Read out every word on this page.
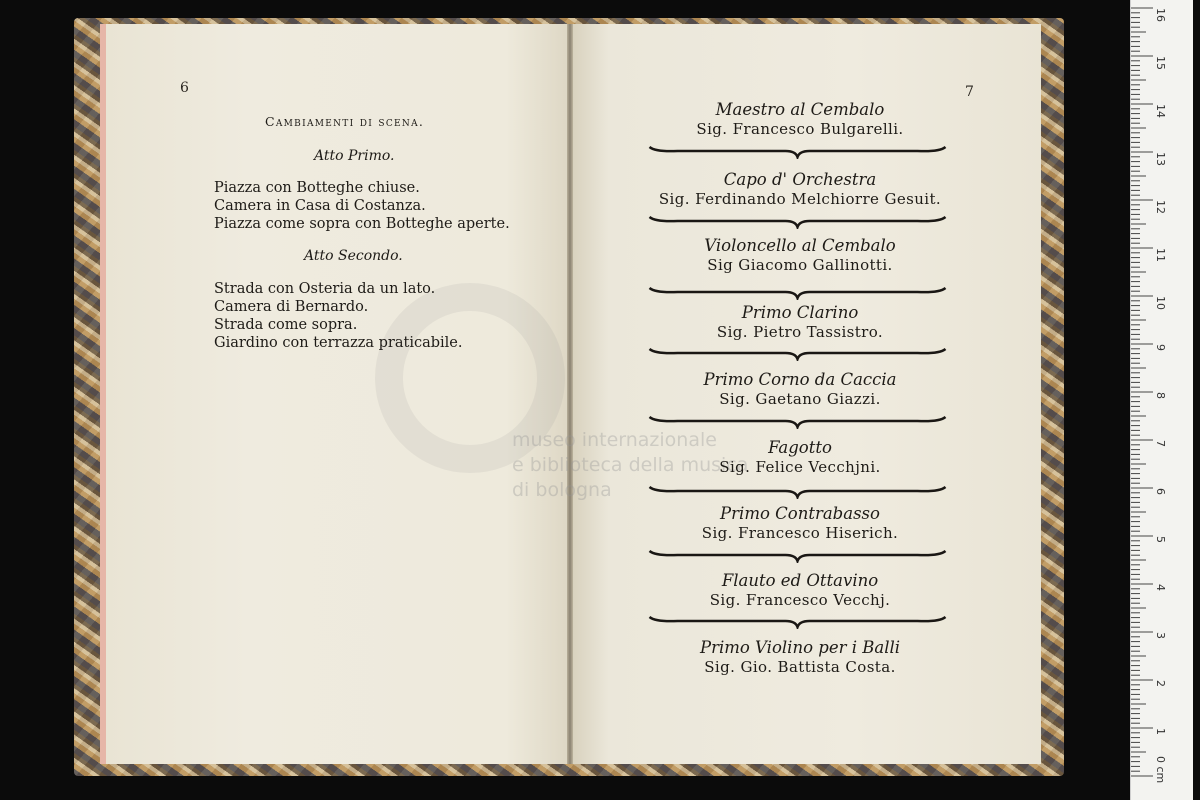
museo internazionale
e biblioteca della musica
di bologna
6
Cambiamenti di scena.
Atto Primo.
Piazza con Botteghe chiuse.
Camera in Casa di Costanza.
Piazza come sopra con Botteghe aperte.
Atto Secondo.
Strada con Osteria da un lato.
Camera di Bernardo.
Strada come sopra.
Giardino con terrazza praticabile.
7
Maestro al Cembalo
Sig. Francesco Bulgarelli.
Capo d' Orchestra
Sig. Ferdinando Melchiorre Gesuit.
Violoncello al Cembalo
Sig Giacomo Gallinotti.
Primo Clarino
Sig. Pietro Tassistro.
Primo Corno da Caccia
Sig. Gaetano Giazzi.
Fagotto
Sig. Felice Vecchjni.
Primo Contrabasso
Sig. Francesco Hiserich.
Flauto ed Ottavino
Sig. Francesco Vecchj.
Primo Violino per i Balli
Sig. Gio. Battista Costa.
0 cm
1
2
3
4
5
6
7
8
9
10
11
12
13
14
15
16
